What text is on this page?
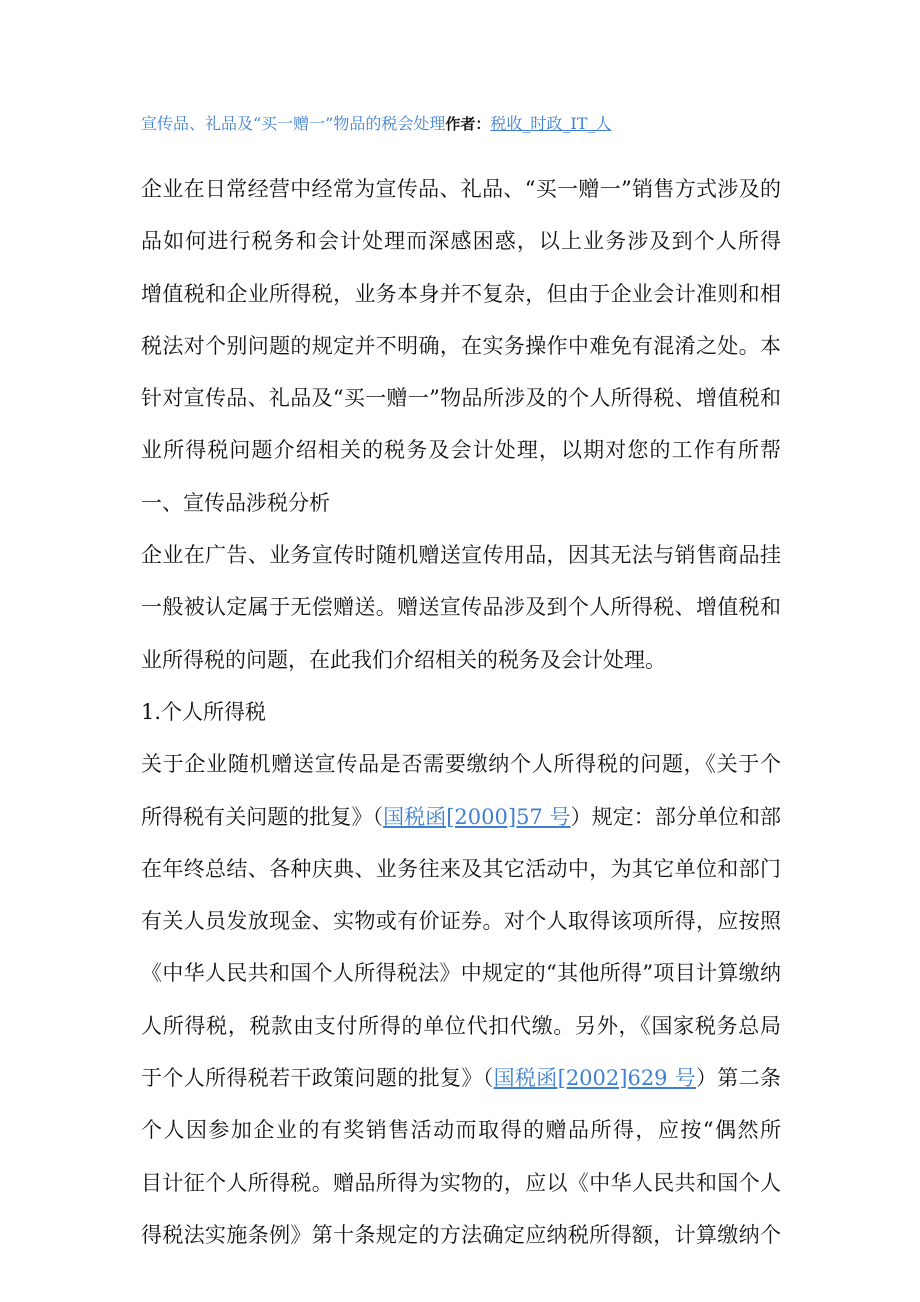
宣传品、礼品及“买一赠一”物品的税会处理作者：税收_时政_IT_人
企业在日常经营中经常为宣传品、礼品、“买一赠一”销售方式涉及的
品如何进行税务和会计处理而深感困惑，以上业务涉及到个人所得
增值税和企业所得税，业务本身并不复杂，但由于企业会计准则和相
税法对个别问题的规定并不明确，在实务操作中难免有混淆之处。本
针对宣传品、礼品及“买一赠一”物品所涉及的个人所得税、增值税和
业所得税问题介绍相关的税务及会计处理，以期对您的工作有所帮
一、宣传品涉税分析
企业在广告、业务宣传时随机赠送宣传用品，因其无法与销售商品挂
一般被认定属于无偿赠送。赠送宣传品涉及到个人所得税、增值税和
业所得税的问题，在此我们介绍相关的税务及会计处理。
1.个人所得税
关于企业随机赠送宣传品是否需要缴纳个人所得税的问题，《关于个
所得税有关问题的批复》（国税函[2000]57 号）规定：部分单位和部
在年终总结、各种庆典、业务往来及其它活动中，为其它单位和部门
有关人员发放现金、实物或有价证券。对个人取得该项所得，应按照
《中华人民共和国个人所得税法》中规定的“其他所得”项目计算缴纳
人所得税，税款由支付所得的单位代扣代缴。另外，《国家税务总局
于个人所得税若干政策问题的批复》（国税函[2002]629 号）第二条
个人因参加企业的有奖销售活动而取得的赠品所得，应按“偶然所
目计征个人所得税。赠品所得为实物的，应以《中华人民共和国个人
得税法实施条例》第十条规定的方法确定应纳税所得额，计算缴纳个
